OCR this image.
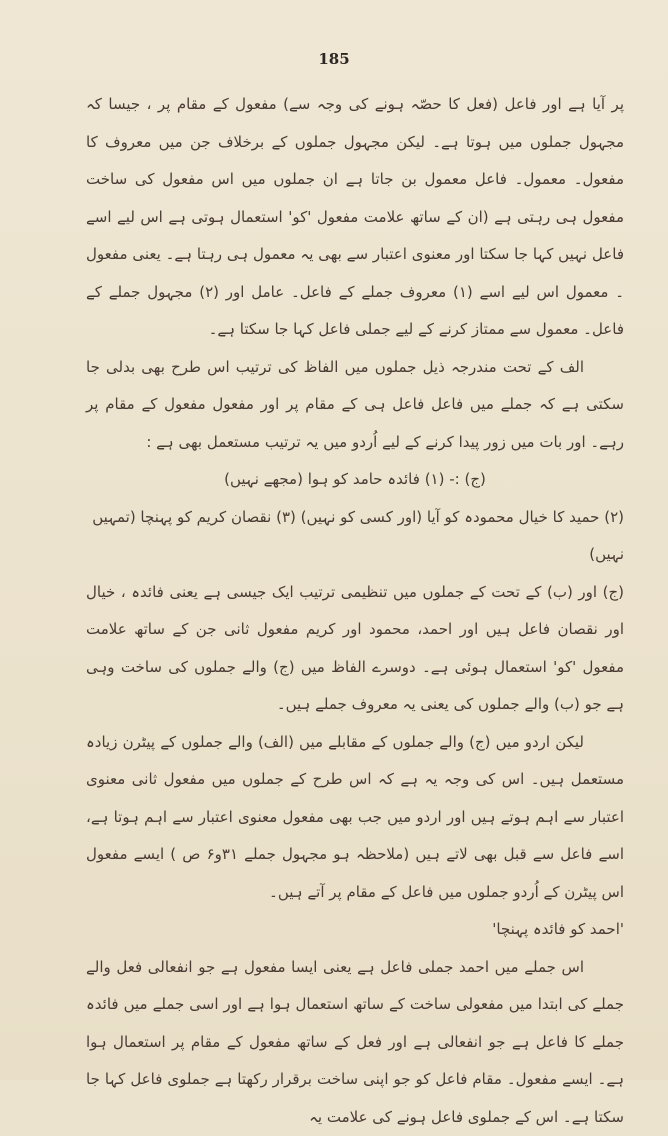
185

پر آیا ہے اور فاعل (فعل کا حصّہ ہونے کی وجہ سے) مفعول کے مقام پر ، جیسا کہ مجہول جملوں میں ہوتا ہے۔ لیکن مجہول جملوں کے برخلاف جن میں معروف کا مفعول۔ معمول۔ فاعل معمول بن جاتا ہے ان جملوں میں اس مفعول کی ساخت مفعول ہی رہتی ہے (ان کے ساتھ علامت مفعول 'کو' استعمال ہوتی ہے اس لیے اسے فاعل نہیں کہا جا سکتا اور معنوی اعتبار سے بھی یہ معمول ہی رہتا ہے۔ یعنی مفعول ۔ معمول اس لیے اسے (۱) معروف جملے کے فاعل۔ عامل اور (۲) مجہول جملے کے فاعل۔ معمول سے ممتاز کرنے کے لیے جملی فاعل کہا جا سکتا ہے۔

الف کے تحت مندرجہ ذیل جملوں میں الفاظ کی ترتیب اس طرح بھی بدلی جا سکتی ہے کہ جملے میں فاعل فاعل ہی کے مقام پر اور مفعول مفعول کے مقام پر رہے۔ اور بات میں زور پیدا کرنے کے لیے اُردو میں یہ ترتیب مستعمل بھی ہے :

(ج) :- (۱) فائدہ حامد کو ہوا (مجھے نہیں)

(۲) حمید کا خیال محمودہ کو آیا (اور کسی کو نہیں) (۳) نقصان کریم کو پہنچا (تمہیں نہیں)

(ج) اور (ب) کے تحت کے جملوں میں تنظیمی ترتیب ایک جیسی ہے یعنی فائدہ ، خیال اور نقصان فاعل ہیں اور احمد، محمود اور کریم مفعول ثانی جن کے ساتھ علامت مفعول 'کو' استعمال ہوئی ہے۔ دوسرے الفاظ میں (ج) والے جملوں کی ساخت وہی ہے جو (ب) والے جملوں کی یعنی یہ معروف جملے ہیں۔

لیکن اردو میں (ج) والے جملوں کے مقابلے میں (الف) والے جملوں کے پیٹرن زیادہ مستعمل ہیں۔ اس کی وجہ یہ ہے کہ اس طرح کے جملوں میں مفعول ثانی معنوی اعتبار سے اہم ہوتے ہیں اور اردو میں جب بھی مفعول معنوی اعتبار سے اہم ہوتا ہے، اسے فاعل سے قبل بھی لاتے ہیں (ملاحظہ ہو مجہول جملے ۳۱و۶ ص ) ایسے مفعول اس پیٹرن کے اُردو جملوں میں فاعل کے مقام پر آتے ہیں۔

'احمد کو فائدہ پہنچا'

اس جملے میں احمد جملی فاعل ہے یعنی ایسا مفعول ہے جو انفعالی فعل والے جملے کی ابتدا میں مفعولی ساخت کے ساتھ استعمال ہوا ہے اور اسی جملے میں فائدہ جملے کا فاعل ہے جو انفعالی ہے اور فعل کے ساتھ مفعول کے مقام پر استعمال ہوا ہے۔ ایسے مفعول۔ مقام فاعل کو جو اپنی ساخت برقرار رکھتا ہے جملوی فاعل کہا جا سکتا ہے۔ اس کے جملوی فاعل ہونے کی علامت یہ
